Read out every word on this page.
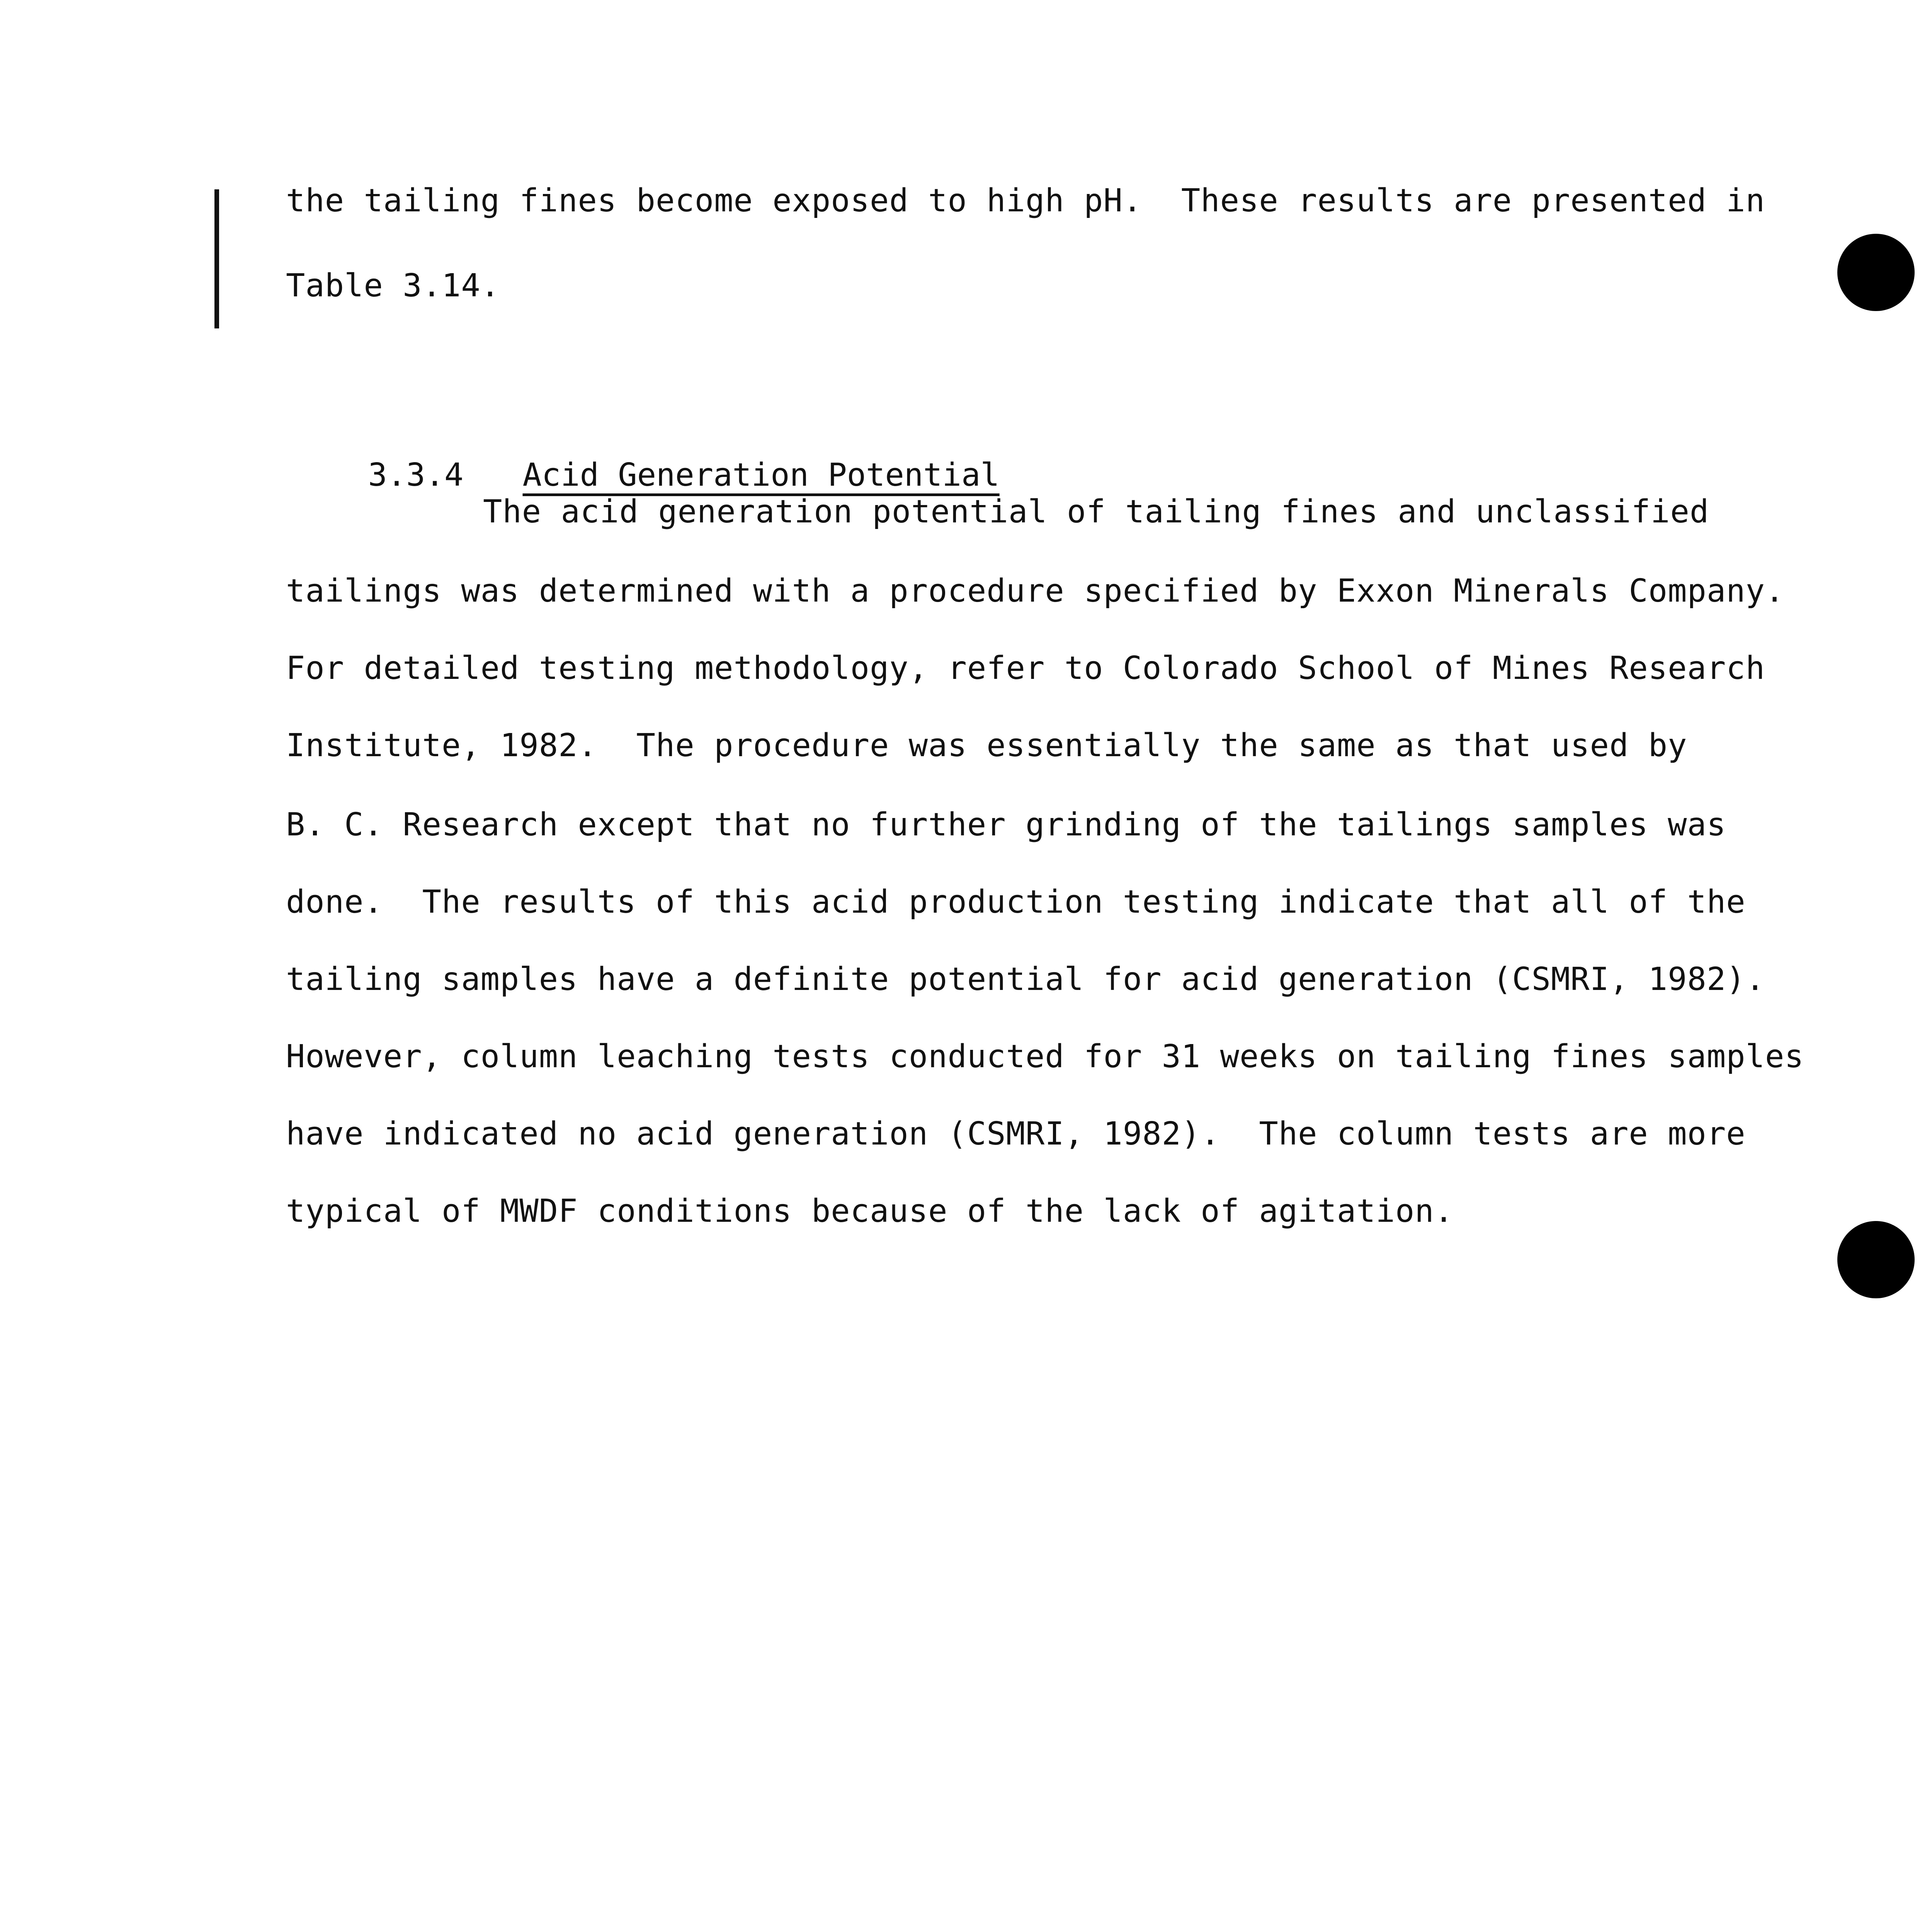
the tailing fines become exposed to high pH.  These results are presented in
Table 3.14.

3.3.4 Acid Generation Potential

The acid generation potential of tailing fines and unclassified
tailings was determined with a procedure specified by Exxon Minerals Company.
For detailed testing methodology, refer to Colorado School of Mines Research
Institute, 1982.  The procedure was essentially the same as that used by
B. C. Research except that no further grinding of the tailings samples was
done.  The results of this acid production testing indicate that all of the
tailing samples have a definite potential for acid generation (CSMRI, 1982).
However, column leaching tests conducted for 31 weeks on tailing fines samples
have indicated no acid generation (CSMRI, 1982).  The column tests are more
typical of MWDF conditions because of the lack of agitation.
